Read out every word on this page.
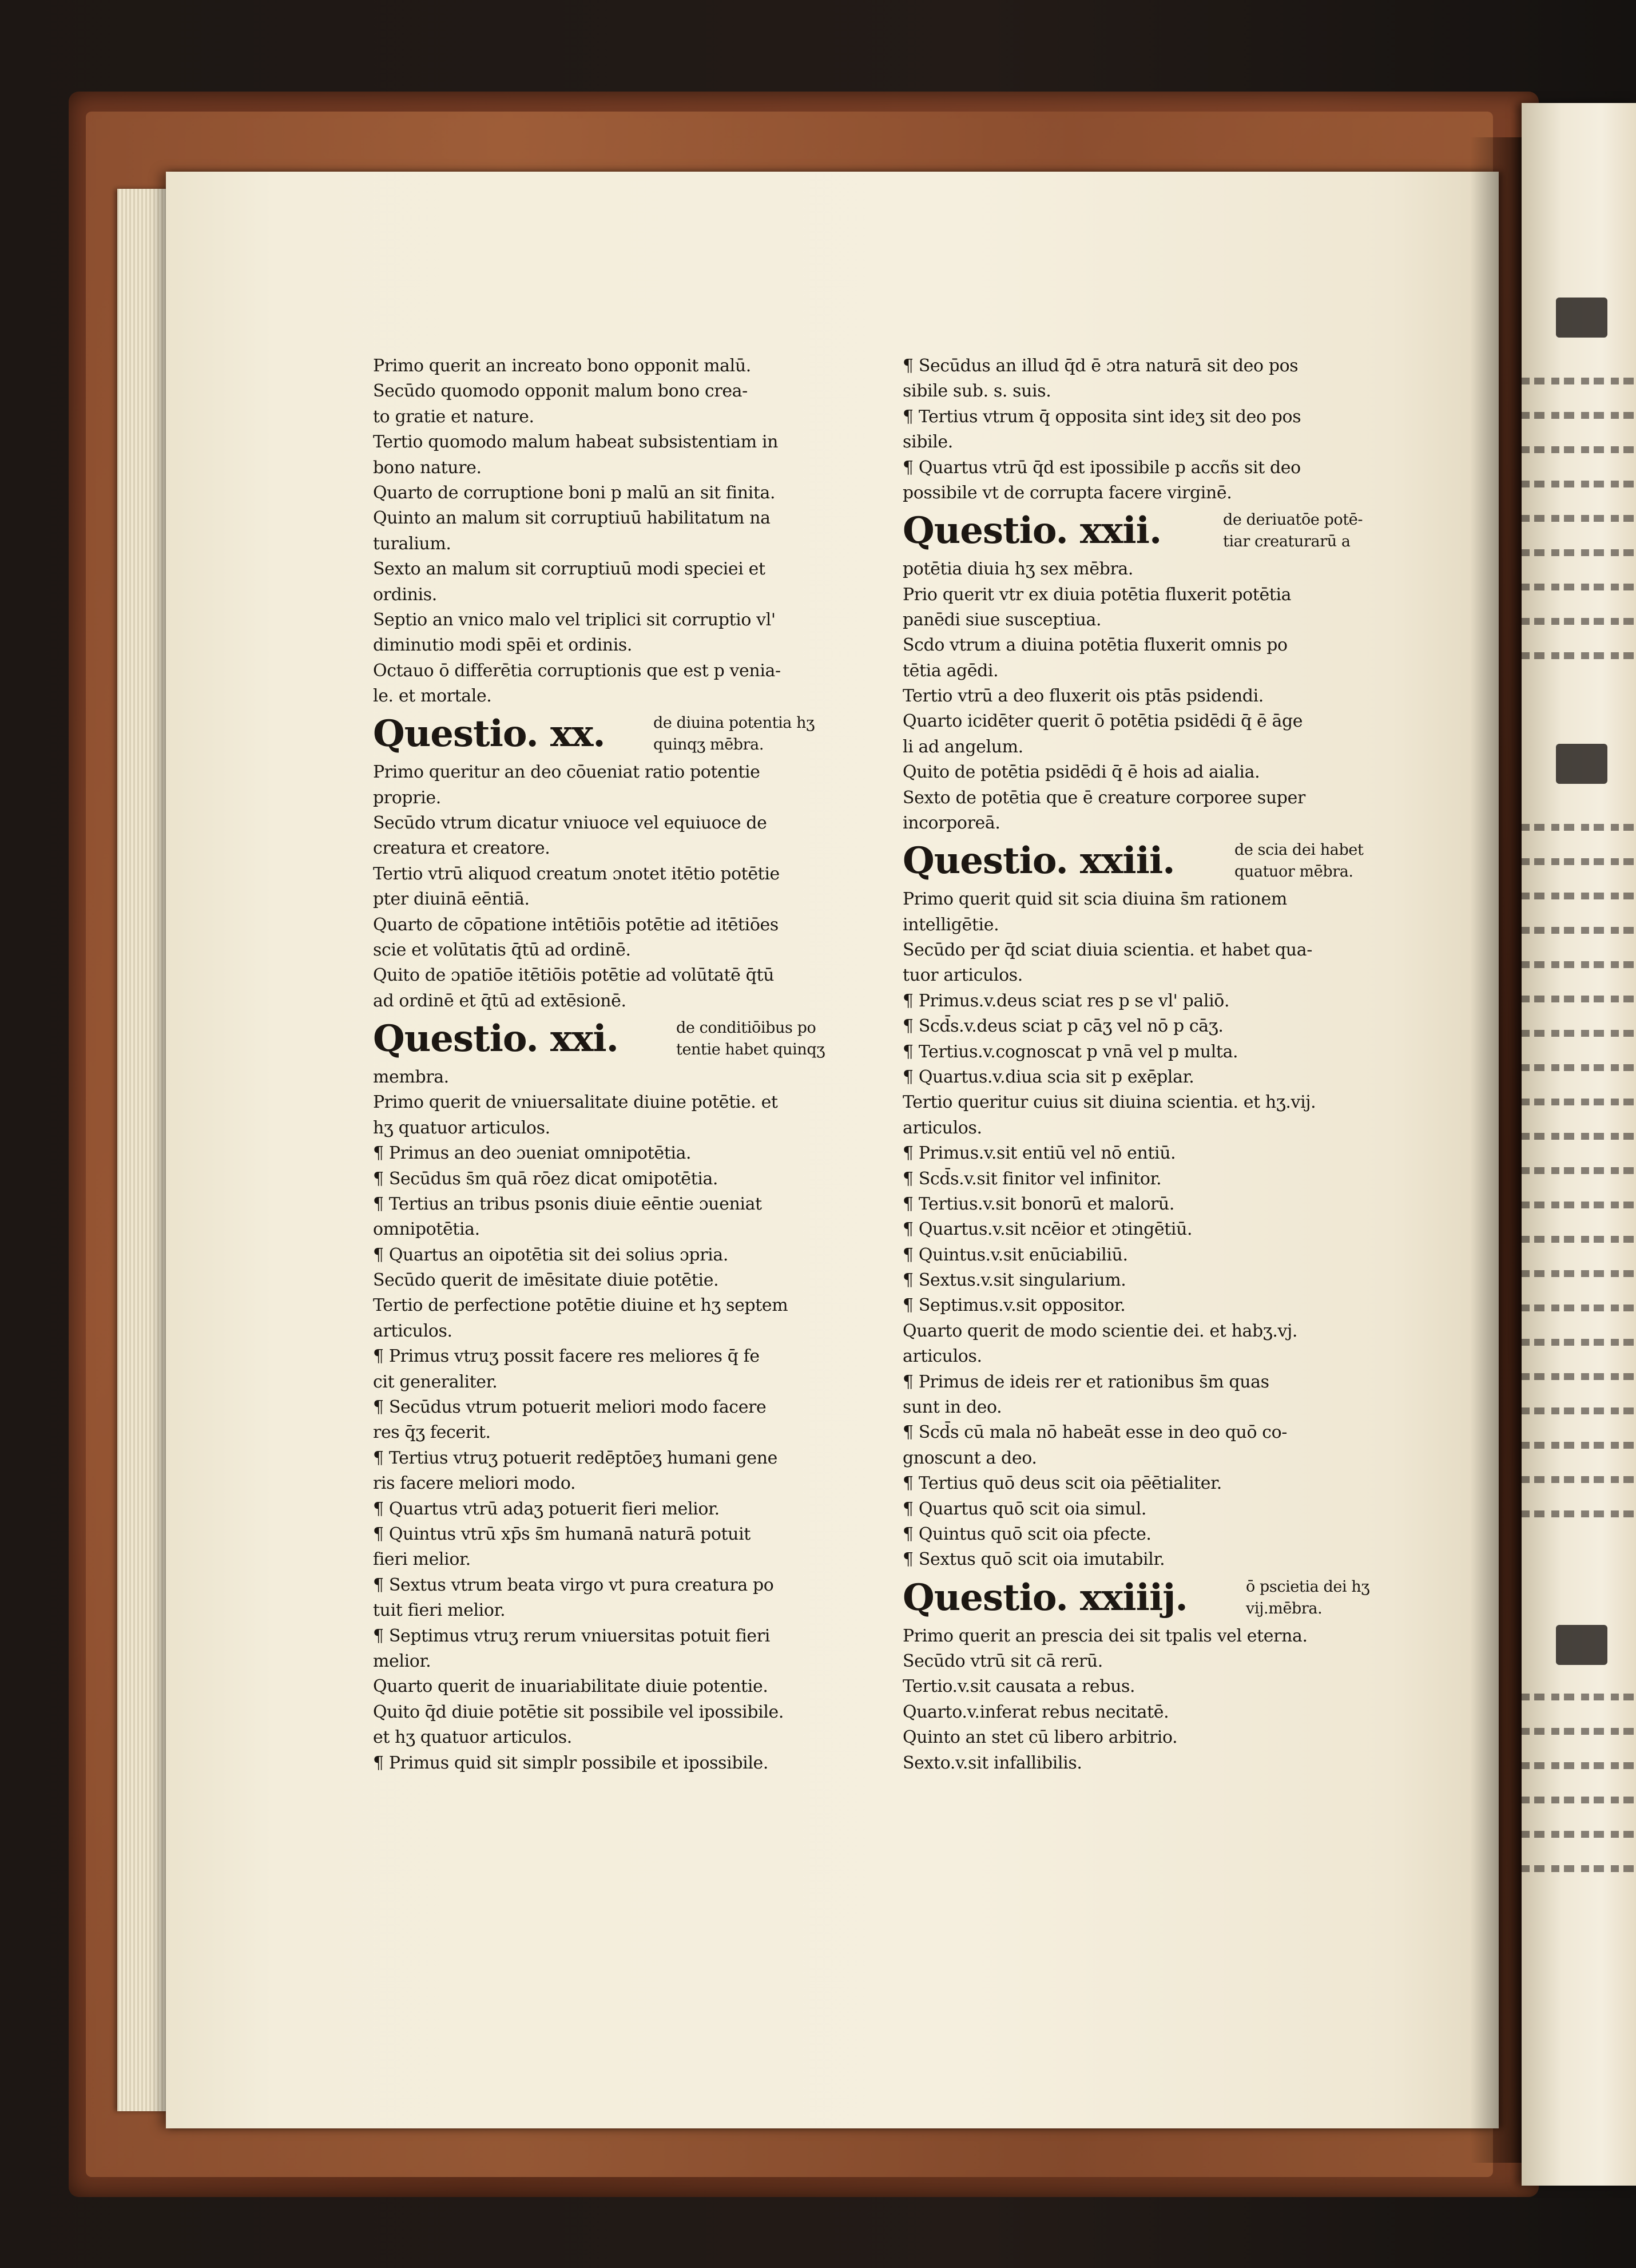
Primo querit an increato bono opponit malū.
Secūdo quomodo opponit malum bono crea-
to gratie et nature.
Tertio quomodo malum habeat subsistentiam in
bono nature.
Quarto de corruptione boni p malū an sit finita.
Quinto an malum sit corruptiuū habilitatum na
turalium.
Sexto an malum sit corruptiuū modi speciei et
ordinis.
Septio an vnico malo vel triplici sit corruptio vl'
diminutio modi spēi et ordinis.
Octauo ō differētia corruptionis que est p venia-
le. et mortale.
Questio. xx.	de diuina potentia hʒ
quinqʒ mēbra.
Primo queritur an deo cōueniat ratio potentie
proprie.
Secūdo vtrum dicatur vniuoce vel equiuoce de
creatura et creatore.
Tertio vtrū aliquod creatum ɔnotet itētio potētie
pter diuinā eēntiā.
Quarto de cōpatione intētiōis potētie ad itētiōes
scie et volūtatis q̄tū ad ordinē.
Quito de ɔpatiōe itētiōis potētie ad volūtatē q̄tū
ad ordinē et q̄tū ad extēsionē.
Questio. xxi.	de conditiōibus po
tentie habet quinqʒ
membra.
Primo querit de vniuersalitate diuine potētie. et
hʒ quatuor articulos.
¶ Primus an deo ɔueniat omnipotētia.
¶ Secūdus s̄m quā rōez dicat omipotētia.
¶ Tertius an tribus psonis diuie eēntie ɔueniat
omnipotētia.
¶ Quartus an oipotētia sit dei solius ɔpria.
Secūdo querit de imēsitate diuie potētie.
Tertio de perfectione potētie diuine et hʒ septem
articulos.
¶ Primus vtruʒ possit facere res meliores q̄ fe
cit generaliter.
¶ Secūdus vtrum potuerit meliori modo facere
res q̄ʒ fecerit.
¶ Tertius vtruʒ potuerit redēptōeʒ humani gene
ris facere meliori modo.
¶ Quartus vtrū adaʒ potuerit fieri melior.
¶ Quintus vtrū xp̄s s̄m humanā naturā potuit
fieri melior.
¶ Sextus vtrum beata virgo vt pura creatura po
tuit fieri melior.
¶ Septimus vtruʒ rerum vniuersitas potuit fieri
melior.
Quarto querit de inuariabilitate diuie potentie.
Quito q̄d diuie potētie sit possibile vel ipossibile.
et hʒ quatuor articulos.
¶ Primus quid sit simplr possibile et ipossibile.
¶ Secūdus an illud q̄d ē ɔtra naturā sit deo pos
sibile sub. s. suis.
¶ Tertius vtrum q̄ opposita sint ideʒ sit deo pos
sibile.
¶ Quartus vtrū q̄d est ipossibile p accñs sit deo
possibile vt de corrupta facere virginē.
Questio. xxii.	de deriuatōe potē-
tiar creaturarū a
potētia diuia hʒ sex mēbra.
Prio querit vtr ex diuia potētia fluxerit potētia
panēdi siue susceptiua.
Scdo vtrum a diuina potētia fluxerit omnis po
tētia agēdi.
Tertio vtrū a deo fluxerit ois ptās psidendi.
Quarto icidēter querit ō potētia psidēdi q̄ ē āge
li ad angelum.
Quito de potētia psidēdi q̄ ē hois ad aialia.
Sexto de potētia que ē creature corporee super
incorporeā.
Questio. xxiii.	de scia dei habet
quatuor mēbra.
Primo querit quid sit scia diuina s̄m rationem
intelligētie.
Secūdo per q̄d sciat diuia scientia. et habet qua-
tuor articulos.
¶ Primus.v.deus sciat res p se vl' paliō.
¶ Scd̄s.v.deus sciat p cāʒ vel nō p cāʒ.
¶ Tertius.v.cognoscat p vnā vel p multa.
¶ Quartus.v.diua scia sit p exēplar.
Tertio queritur cuius sit diuina scientia. et hʒ.vij.
articulos.
¶ Primus.v.sit entiū vel nō entiū.
¶ Scd̄s.v.sit finitor vel infinitor.
¶ Tertius.v.sit bonorū et malorū.
¶ Quartus.v.sit ncēior et ɔtingētiū.
¶ Quintus.v.sit enūciabiliū.
¶ Sextus.v.sit singularium.
¶ Septimus.v.sit oppositor.
Quarto querit de modo scientie dei. et habʒ.vj.
articulos.
¶ Primus de ideis rer et rationibus s̄m quas
sunt in deo.
¶ Scd̄s cū mala nō habeāt esse in deo quō co-
gnoscunt a deo.
¶ Tertius quō deus scit oia pēētialiter.
¶ Quartus quō scit oia simul.
¶ Quintus quō scit oia pfecte.
¶ Sextus quō scit oia imutabilr.
Questio. xxiiij.	ō pscietia dei hʒ
vij.mēbra.
Primo querit an prescia dei sit tpalis vel eterna.
Secūdo vtrū sit cā rerū.
Tertio.v.sit causata a rebus.
Quarto.v.inferat rebus necitatē.
Quinto an stet cū libero arbitrio.
Sexto.v.sit infallibilis.
